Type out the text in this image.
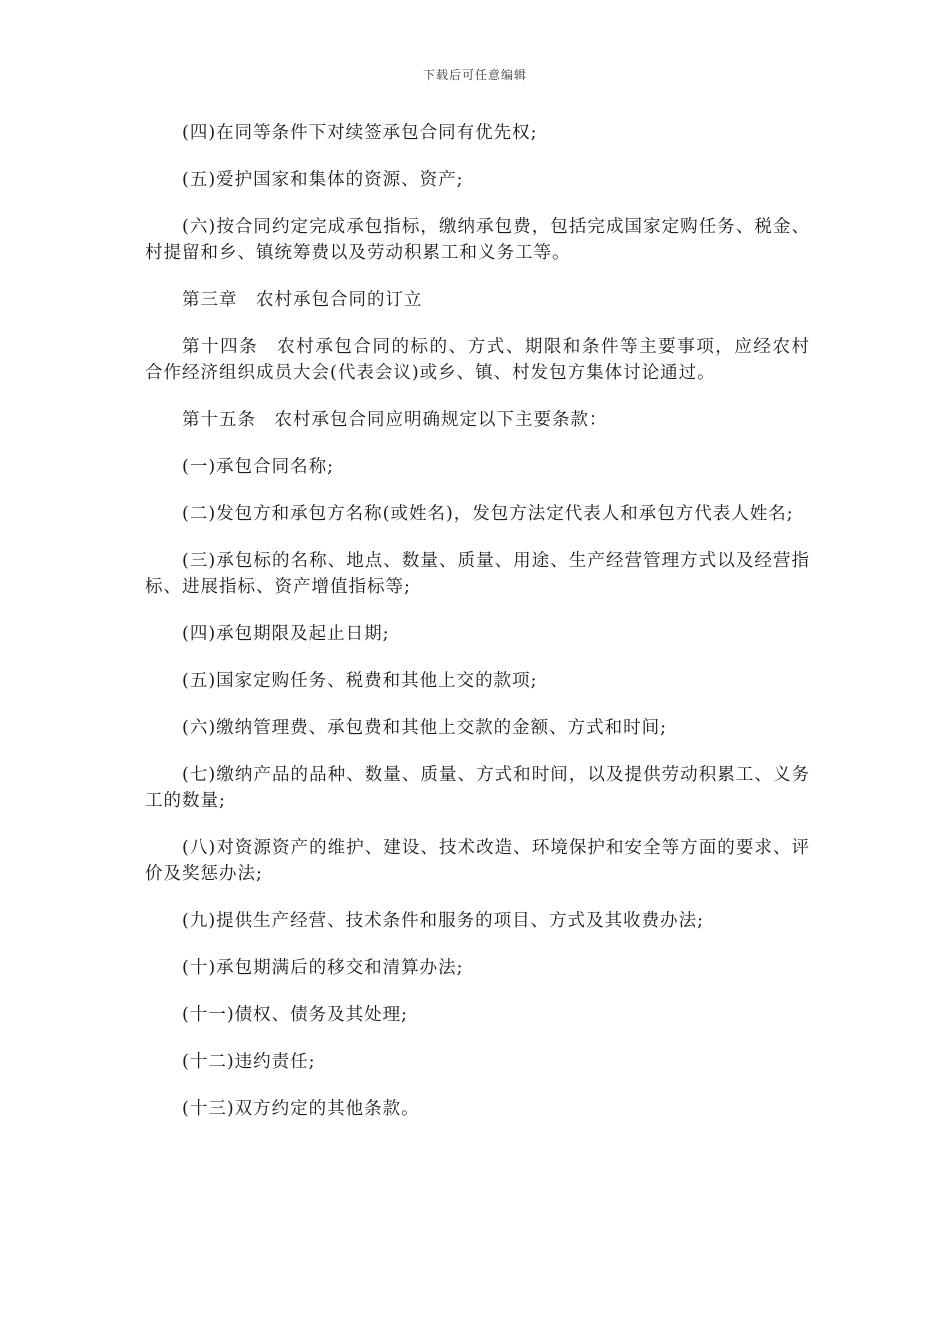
下载后可任意编辑

(四)在同等条件下对续签承包合同有优先权;

(五)爱护国家和集体的资源、资产;

(六)按合同约定完成承包指标，缴纳承包费，包括完成国家定购任务、税金、村提留和乡、镇统筹费以及劳动积累工和义务工等。

第三章　农村承包合同的订立

第十四条　农村承包合同的标的、方式、期限和条件等主要事项，应经农村合作经济组织成员大会(代表会议)或乡、镇、村发包方集体讨论通过。

第十五条　农村承包合同应明确规定以下主要条款：

(一)承包合同名称;

(二)发包方和承包方名称(或姓名)，发包方法定代表人和承包方代表人姓名;

(三)承包标的名称、地点、数量、质量、用途、生产经营管理方式以及经营指标、进展指标、资产增值指标等;

(四)承包期限及起止日期;

(五)国家定购任务、税费和其他上交的款项;

(六)缴纳管理费、承包费和其他上交款的金额、方式和时间;

(七)缴纳产品的品种、数量、质量、方式和时间，以及提供劳动积累工、义务工的数量;

(八)对资源资产的维护、建设、技术改造、环境保护和安全等方面的要求、评价及奖惩办法;

(九)提供生产经营、技术条件和服务的项目、方式及其收费办法;

(十)承包期满后的移交和清算办法;

(十一)债权、债务及其处理;

(十二)违约责任;

(十三)双方约定的其他条款。
